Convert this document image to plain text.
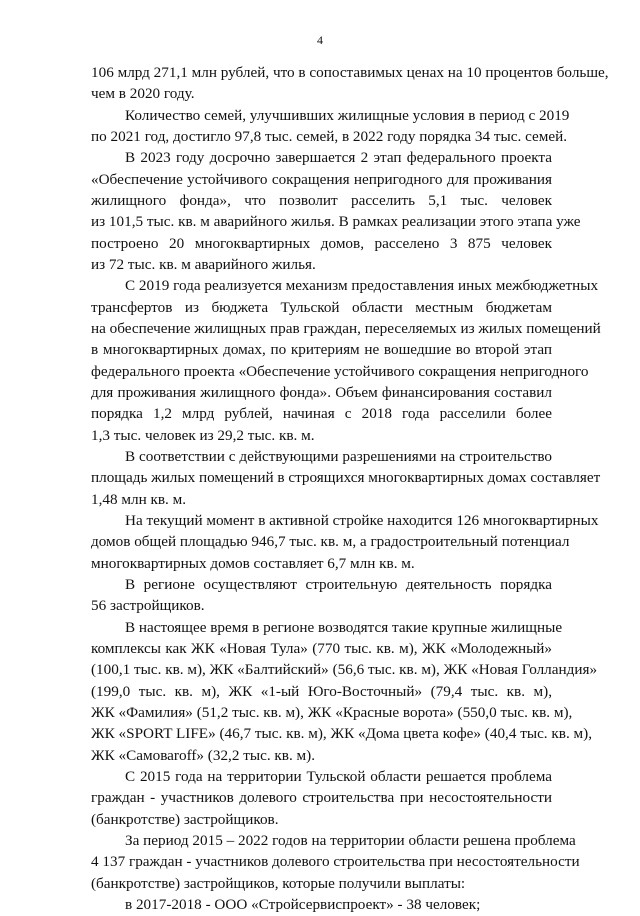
4
106 млрд 271,1 млн рублей, что в сопоставимых ценах на 10 процентов больше,
чем в 2020 году.
Количество семей, улучшивших жилищные условия в период с 2019
по 2021 год, достигло 97,8 тыс. семей, в 2022 году порядка 34 тыс. семей.
В 2023 году досрочно завершается 2 этап федерального проекта
«Обеспечение устойчивого сокращения непригодного для проживания
жилищного фонда», что позволит расселить 5,1 тыс. человек
из 101,5 тыс. кв. м аварийного жилья. В рамках реализации этого этапа уже
построено 20 многоквартирных домов, расселено 3 875 человек
из 72 тыс. кв. м аварийного жилья.
С 2019 года реализуется механизм предоставления иных межбюджетных
трансфертов из бюджета Тульской области местным бюджетам
на обеспечение жилищных прав граждан, переселяемых из жилых помещений
в многоквартирных домах, по критериям не вошедшие во второй этап
федерального проекта «Обеспечение устойчивого сокращения непригодного
для проживания жилищного фонда». Объем финансирования составил
порядка 1,2 млрд рублей, начиная с 2018 года расселили более
1,3 тыс. человек из 29,2 тыс. кв. м.
В соответствии с действующими разрешениями на строительство
площадь жилых помещений в строящихся многоквартирных домах составляет
1,48 млн кв. м.
На текущий момент в активной стройке находится 126 многоквартирных
домов общей площадью 946,7 тыс. кв. м, а градостроительный потенциал
многоквартирных домов составляет 6,7 млн кв. м.
В регионе осуществляют строительную деятельность порядка
56 застройщиков.
В настоящее время в регионе возводятся такие крупные жилищные
комплексы как ЖК «Новая Тула» (770 тыс. кв. м), ЖК «Молодежный»
(100,1 тыс. кв. м), ЖК «Балтийский» (56,6 тыс. кв. м), ЖК «Новая Голландия»
(199,0 тыс. кв. м), ЖК «1-ый Юго-Восточный» (79,4 тыс. кв. м),
ЖК «Фамилия» (51,2 тыс. кв. м), ЖК «Красные ворота» (550,0 тыс. кв. м),
ЖК «SPORT LIFE» (46,7 тыс. кв. м), ЖК «Дома цвета кофе» (40,4 тыс. кв. м),
ЖК «Самоваroff» (32,2 тыс. кв. м).
С 2015 года на территории Тульской области решается проблема
граждан - участников долевого строительства при несостоятельности
(банкротстве) застройщиков.
За период 2015 – 2022 годов на территории области решена проблема
4 137 граждан - участников долевого строительства при несостоятельности
(банкротстве) застройщиков, которые получили выплаты:
в 2017-2018 - ООО «Стройсервиспроект» - 38 человек;
